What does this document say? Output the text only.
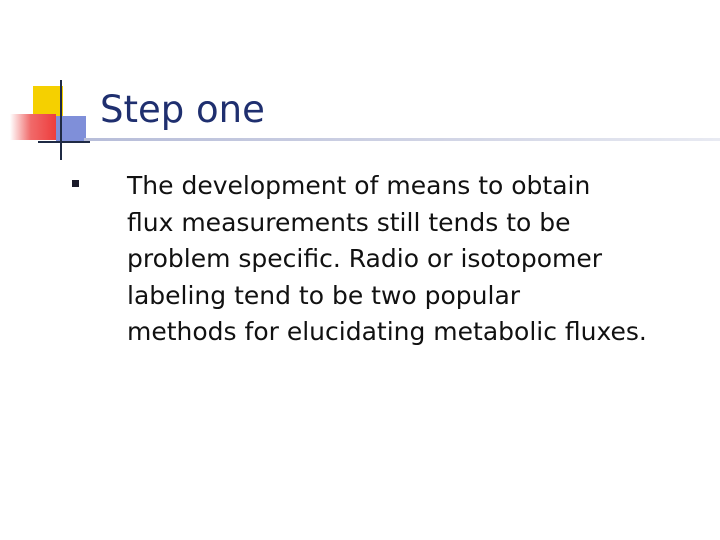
Step one
The development of means to obtain
flux measurements still tends to be
problem specific. Radio or isotopomer
labeling tend to be two popular
methods for elucidating metabolic fluxes.
